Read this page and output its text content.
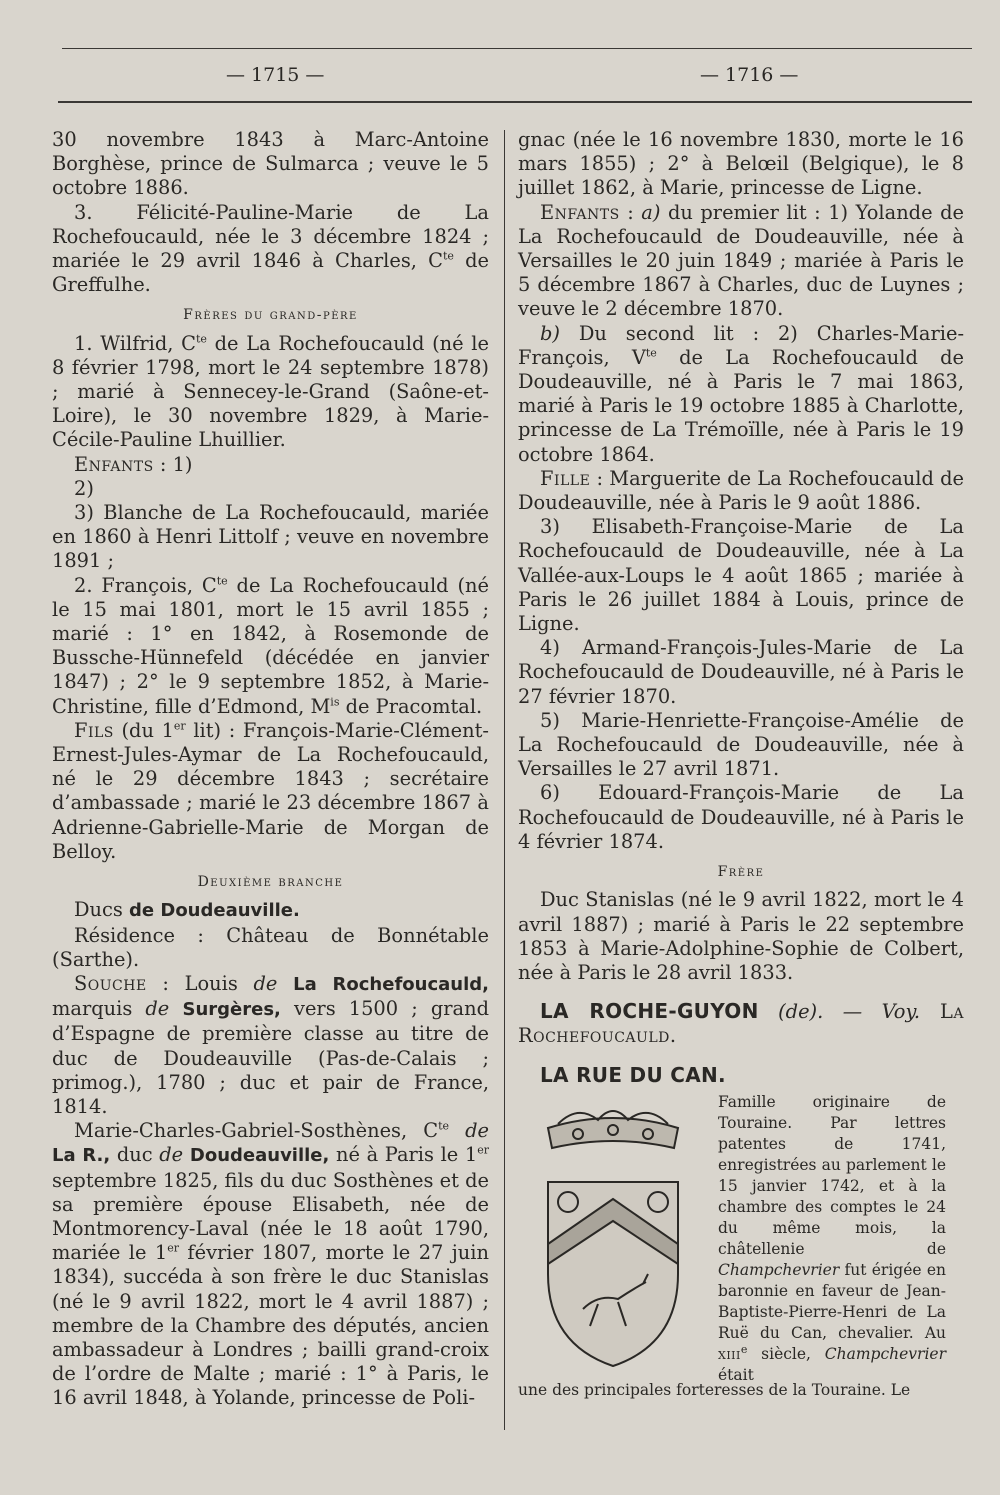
— 1715 —	— 1716 —

30 novembre 1843 à Marc-Antoine Borghèse, prince de Sulmarca ; veuve le 5 octobre 1886.

3. Félicité-Pauline-Marie de La Rochefoucauld, née le 3 décembre 1824 ; mariée le 29 avril 1846 à Charles, $C^{te}$ de Greffulhe.

Frères du grand-père

1. Wilfrid, $C^{te}$ de La Rochefoucauld (né le 8 février 1798, mort le 24 septembre 1878) ; marié à Sennecey-le-Grand (Saône-et-Loire), le 30 novembre 1829, à Marie-Cécile-Pauline Lhuillier.

Enfants : 1)

2)

3) Blanche de La Rochefoucauld, mariée en 1860 à Henri Littolf ; veuve en novembre 1891 ;

2. François, $C^{te}$ de La Rochefoucauld (né le 15 mai 1801, mort le 15 avril 1855 ; marié : 1° en 1842, à Rosemonde de Bussche-Hünnefeld (décédée en janvier 1847) ; 2° le 9 septembre 1852, à Marie-Christine, fille d’Edmond, $M^{is}$ de Pracomtal.

Fils (du 1er lit) : François-Marie-Clément-Ernest-Jules-Aymar de La Rochefoucauld, né le 29 décembre 1843 ; secrétaire d’ambassade ; marié le 23 décembre 1867 à Adrienne-Gabrielle-Marie de Morgan de Belloy.

Deuxième branche

Ducs de Doudeauville.

Résidence : Château de Bonnétable (Sarthe).

Souche : Louis de La Rochefoucauld, marquis de Surgères, vers 1500 ; grand d’Espagne de première classe au titre de duc de Doudeauville (Pas-de-Calais ; primog.), 1780 ; duc et pair de France, 1814.

Marie-Charles-Gabriel-Sosthènes, $C^{te}$ de La R., duc de Doudeauville, né à Paris le 1er septembre 1825, fils du duc Sosthènes et de sa première épouse Elisabeth, née de Montmorency-Laval (née le 18 août 1790, mariée le 1er février 1807, morte le 27 juin 1834), succéda à son frère le duc Stanislas (né le 9 avril 1822, mort le 4 avril 1887) ; membre de la Chambre des députés, ancien ambassadeur à Londres ; bailli grand-croix de l’ordre de Malte ; marié : 1° à Paris, le 16 avril 1848, à Yolande, princesse de Poli-

gnac (née le 16 novembre 1830, morte le 16 mars 1855) ; 2° à Belœil (Belgique), le 8 juillet 1862, à Marie, princesse de Ligne.

Enfants : a) du premier lit : 1) Yolande de La Rochefoucauld de Doudeauville, née à Versailles le 20 juin 1849 ; mariée à Paris le 5 décembre 1867 à Charles, duc de Luynes ; veuve le 2 décembre 1870.

b) Du second lit : 2) Charles-Marie-François, $V^{te}$ de La Rochefoucauld de Doudeauville, né à Paris le 7 mai 1863, marié à Paris le 19 octobre 1885 à Charlotte, princesse de La Trémoïlle, née à Paris le 19 octobre 1864.

Fille : Marguerite de La Rochefoucauld de Doudeauville, née à Paris le 9 août 1886.

3) Elisabeth-Françoise-Marie de La Rochefoucauld de Doudeauville, née à La Vallée-aux-Loups le 4 août 1865 ; mariée à Paris le 26 juillet 1884 à Louis, prince de Ligne.

4) Armand-François-Jules-Marie de La Rochefoucauld de Doudeauville, né à Paris le 27 février 1870.

5) Marie-Henriette-Françoise-Amélie de La Rochefoucauld de Doudeauville, née à Versailles le 27 avril 1871.

6) Edouard-François-Marie de La Rochefoucauld de Doudeauville, né à Paris le 4 février 1874.

Frère

Duc Stanislas (né le 9 avril 1822, mort le 4 avril 1887) ; marié à Paris le 22 septembre 1853 à Marie-Adolphine-Sophie de Colbert, née à Paris le 28 avril 1833.

LA ROCHE-GUYON (de). — Voy. La Rochefoucauld.

LA RUE DU CAN.

Famille originaire de Touraine. Par lettres patentes de 1741, enregistrées au parlement le 15 janvier 1742, et à la chambre des comptes le 24 du même mois, la châtellenie de Champchevrier fut érigée en baronnie en faveur de Jean-Baptiste-Pierre-Henri de La Ruë du Can, chevalier. Au xiii$^e$ siècle, Champchevrier était

une des principales forteresses de la Touraine. Le
